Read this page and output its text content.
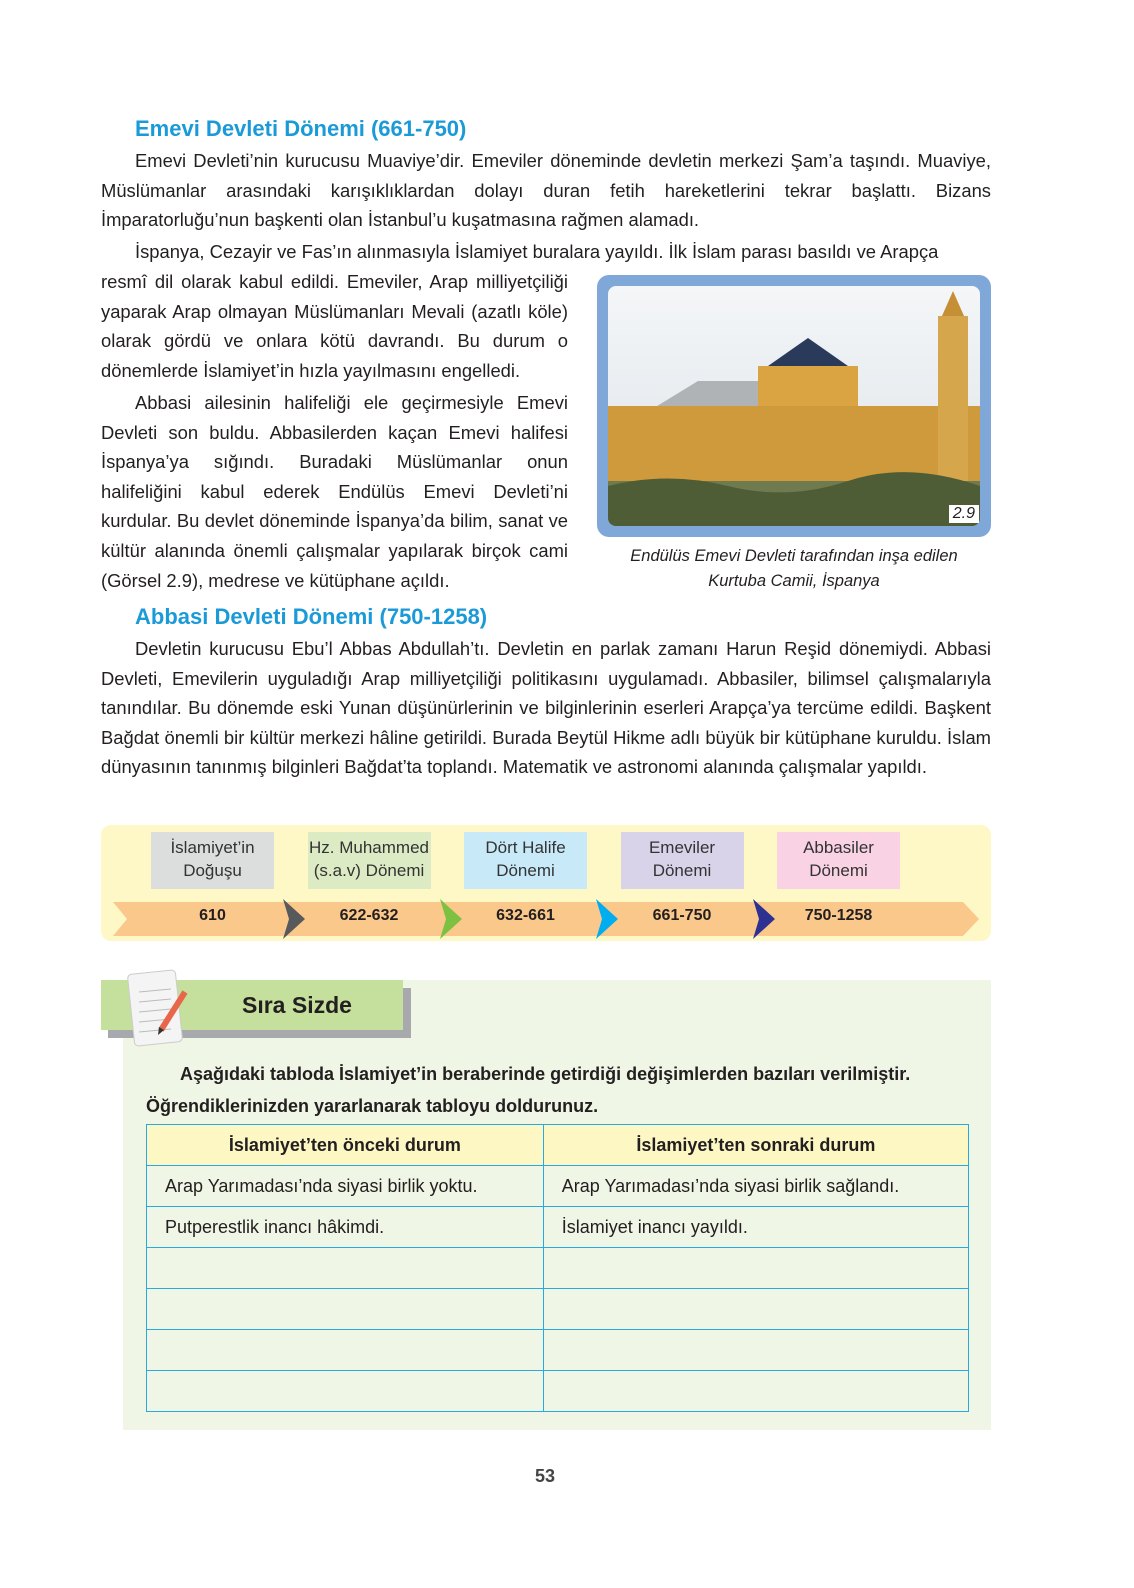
Emevi Devleti Dönemi (661-750)
Emevi Devleti’nin kurucusu Muaviye’dir. Emeviler döneminde devletin merkezi Şam’a taşındı. Muaviye, Müslümanlar arasındaki karışıklıklardan dolayı duran fetih hareketlerini tekrar başlattı. Bizans İmparatorluğu’nun başkenti olan İstanbul’u kuşatmasına rağmen alamadı.
İspanya, Cezayir ve Fas’ın alınmasıyla İslamiyet buralara yayıldı. İlk İslam parası basıldı ve Arapça
resmî dil olarak kabul edildi. Emeviler, Arap milliyetçiliği yaparak Arap olmayan Müslümanları Mevali (azatlı köle) olarak gördü ve onlara kötü davrandı. Bu durum o dönemlerde İslamiyet’in hızla yayılmasını engelledi.
Abbasi ailesinin halifeliği ele geçirmesiyle Emevi Devleti son buldu. Abbasilerden kaçan Emevi halifesi İspanya’ya sığındı. Buradaki Müslümanlar onun halifeliğini kabul ederek Endülüs Emevi Devleti’ni kurdular. Bu devlet döneminde İspanya’da bilim, sanat ve kültür alanında önemli çalışmalar yapılarak birçok cami (Görsel 2.9), medrese ve kütüphane açıldı.
2.9
Endülüs Emevi Devleti tarafından inşa edilen
Kurtuba Camii, İspanya
Abbasi Devleti Dönemi (750-1258)
Devletin kurucusu Ebu’l Abbas Abdullah’tı. Devletin en parlak zamanı Harun Reşid dönemiydi. Abbasi Devleti, Emevilerin uyguladığı Arap milliyetçiliği politikasını uygulamadı. Abbasiler, bilimsel çalışmalarıyla tanındılar. Bu dönemde eski Yunan düşünürlerinin ve bilginlerinin eserleri Arapça’ya tercüme edildi. Başkent Bağdat önemli bir kültür merkezi hâline getirildi. Burada Beytül Hikme adlı büyük bir kütüphane kuruldu. İslam dünyasının tanınmış bilginleri Bağdat’ta toplandı. Matematik ve astronomi alanında çalışmalar yapıldı.
İslamiyet’in
Doğuşu
610
Hz. Muhammed
(s.a.v) Dönemi
622-632
Dört Halife
Dönemi
632-661
Emeviler
Dönemi
661-750
Abbasiler
Dönemi
750-1258
Sıra Sizde
Aşağıdaki tabloda İslamiyet’in beraberinde getirdiği değişimlerden bazıları verilmiştir.
Öğrendiklerinizden yararlanarak tabloyu doldurunuz.
İslamiyet’ten önceki durum	İslamiyet’ten sonraki durum
Arap Yarımadası’nda siyasi birlik yoktu.	Arap Yarımadası’nda siyasi birlik sağlandı.
Putperestlik inancı hâkimdi.	İslamiyet inancı yayıldı.

53
